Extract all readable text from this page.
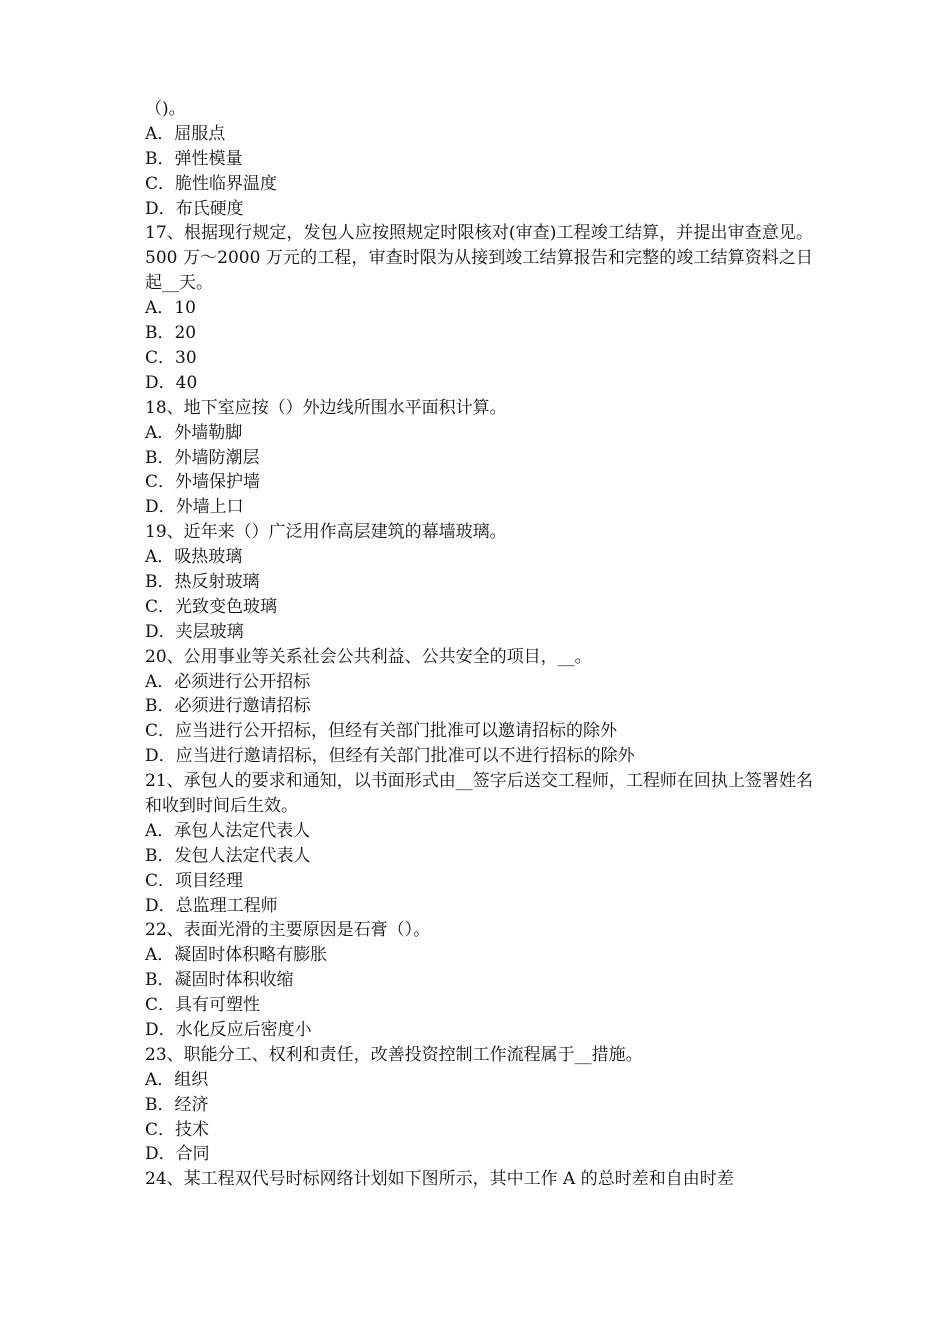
（)。
A．屈服点
B．弹性模量
C．脆性临界温度
D．布氏硬度
17、根据现行规定，发包人应按照规定时限核对(审查)工程竣工结算，并提出审查意见。500 万～2000 万元的工程，审查时限为从接到竣工结算报告和完整的竣工结算资料之日起__天。
A．10
B．20
C．30
D．40
18、地下室应按（）外边线所围水平面积计算。
A．外墙勒脚
B．外墙防潮层
C．外墙保护墙
D．外墙上口
19、近年来（）广泛用作高层建筑的幕墙玻璃。
A．吸热玻璃
B．热反射玻璃
C．光致变色玻璃
D．夹层玻璃
20、公用事业等关系社会公共利益、公共安全的项目，__。
A．必须进行公开招标
B．必须进行邀请招标
C．应当进行公开招标，但经有关部门批准可以邀请招标的除外
D．应当进行邀请招标，但经有关部门批准可以不进行招标的除外
21、承包人的要求和通知，以书面形式由__签字后送交工程师，工程师在回执上签署姓名和收到时间后生效。
A．承包人法定代表人
B．发包人法定代表人
C．项目经理
D．总监理工程师
22、表面光滑的主要原因是石膏（）。
A．凝固时体积略有膨胀
B．凝固时体积收缩
C．具有可塑性
D．水化反应后密度小
23、职能分工、权利和责任，改善投资控制工作流程属于__措施。
A．组织
B．经济
C．技术
D．合同
24、某工程双代号时标网络计划如下图所示，其中工作 A 的总时差和自由时差
